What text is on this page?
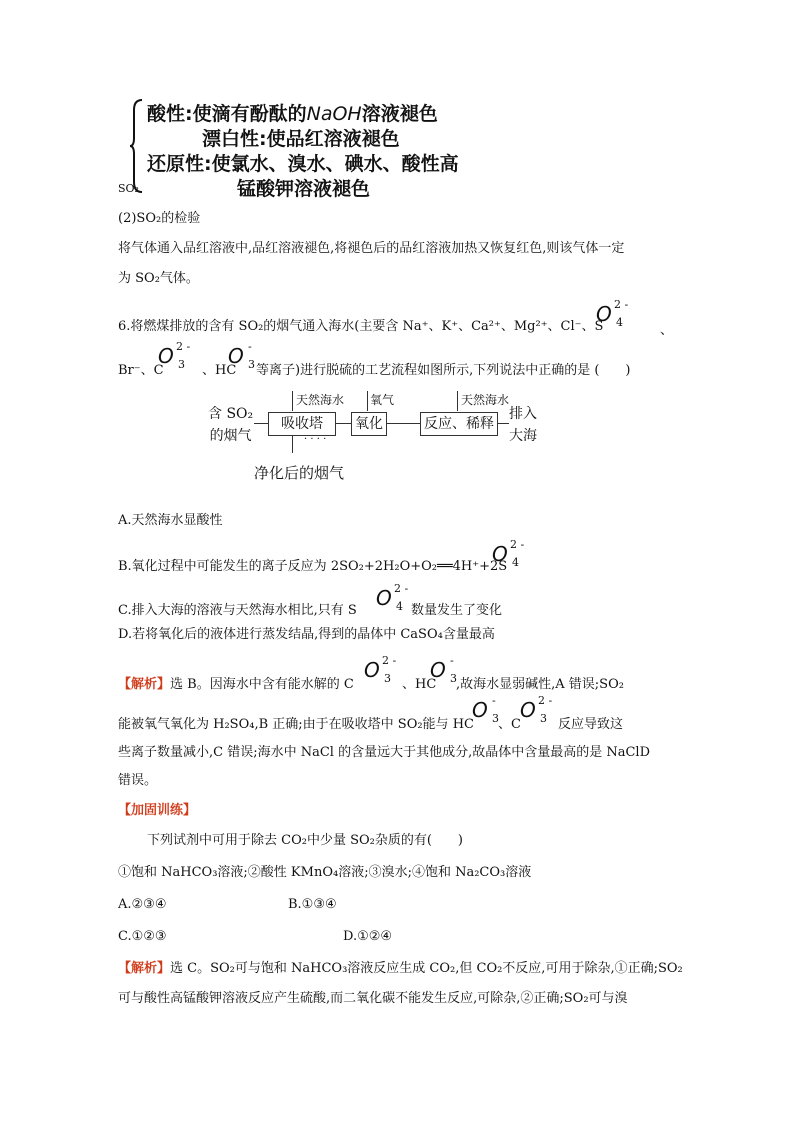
SO₂
酸性:使滴有酚酞的NaOH溶液褪色
漂白性:使品红溶液褪色
还原性:使氯水、溴水、碘水、酸性高
锰酸钾溶液褪色
(2)SO₂的检验
将气体通入品红溶液中,品红溶液褪色,将褪色后的品红溶液加热又恢复红色,则该气体一定
为 SO₂气体。
6.将燃煤排放的含有 SO₂的烟气通入海水(主要含 Na⁺、K⁺、Ca²⁺、Mg²⁺、Cl⁻、S
O 2 -
4
、
Br⁻、C
O 2 -
3 、HC
O -
3 等离子)进行脱硫的工艺流程如图所示,下列说法中正确的是 (　　)
含 SO₂
的烟气
吸收塔	氧化	反应、稀释
排入
大海
天然海水 氧气	天然海水
· · · ·
净化后的烟气
A.天然海水显酸性
B.氧化过程中可能发生的离子反应为 2SO₂+2H₂O+O₂══4H⁺+2S
O 2 -
4
C.排入大海的溶液与天然海水相比,只有 S
O 2 -
4 数量发生了变化
D.若将氧化后的液体进行蒸发结晶,得到的晶体中 CaSO₄含量最高
【解析】选 B。因海水中含有能水解的 C
O 2 -
3 、HC
O -
3 ,故海水显弱碱性,A 错误;SO₂
能被氧气氧化为 H₂SO₄,B 正确;由于在吸收塔中 SO₂能与 HC
O -
3 、C
O 2 -
3 反应导致这
些离子数量减小,C 错误;海水中 NaCl 的含量远大于其他成分,故晶体中含量最高的是 NaClD
错误。
【加固训练】
下列试剂中可用于除去 CO₂中少量 SO₂杂质的有(　　)
①饱和 NaHCO₃溶液;②酸性 KMnO₄溶液;③溴水;④饱和 Na₂CO₃溶液
A.②③④	B.①③④
C.①②③	D.①②④
【解析】选 C。SO₂可与饱和 NaHCO₃溶液反应生成 CO₂,但 CO₂不反应,可用于除杂,①正确;SO₂
可与酸性高锰酸钾溶液反应产生硫酸,而二氧化碳不能发生反应,可除杂,②正确;SO₂可与溴
